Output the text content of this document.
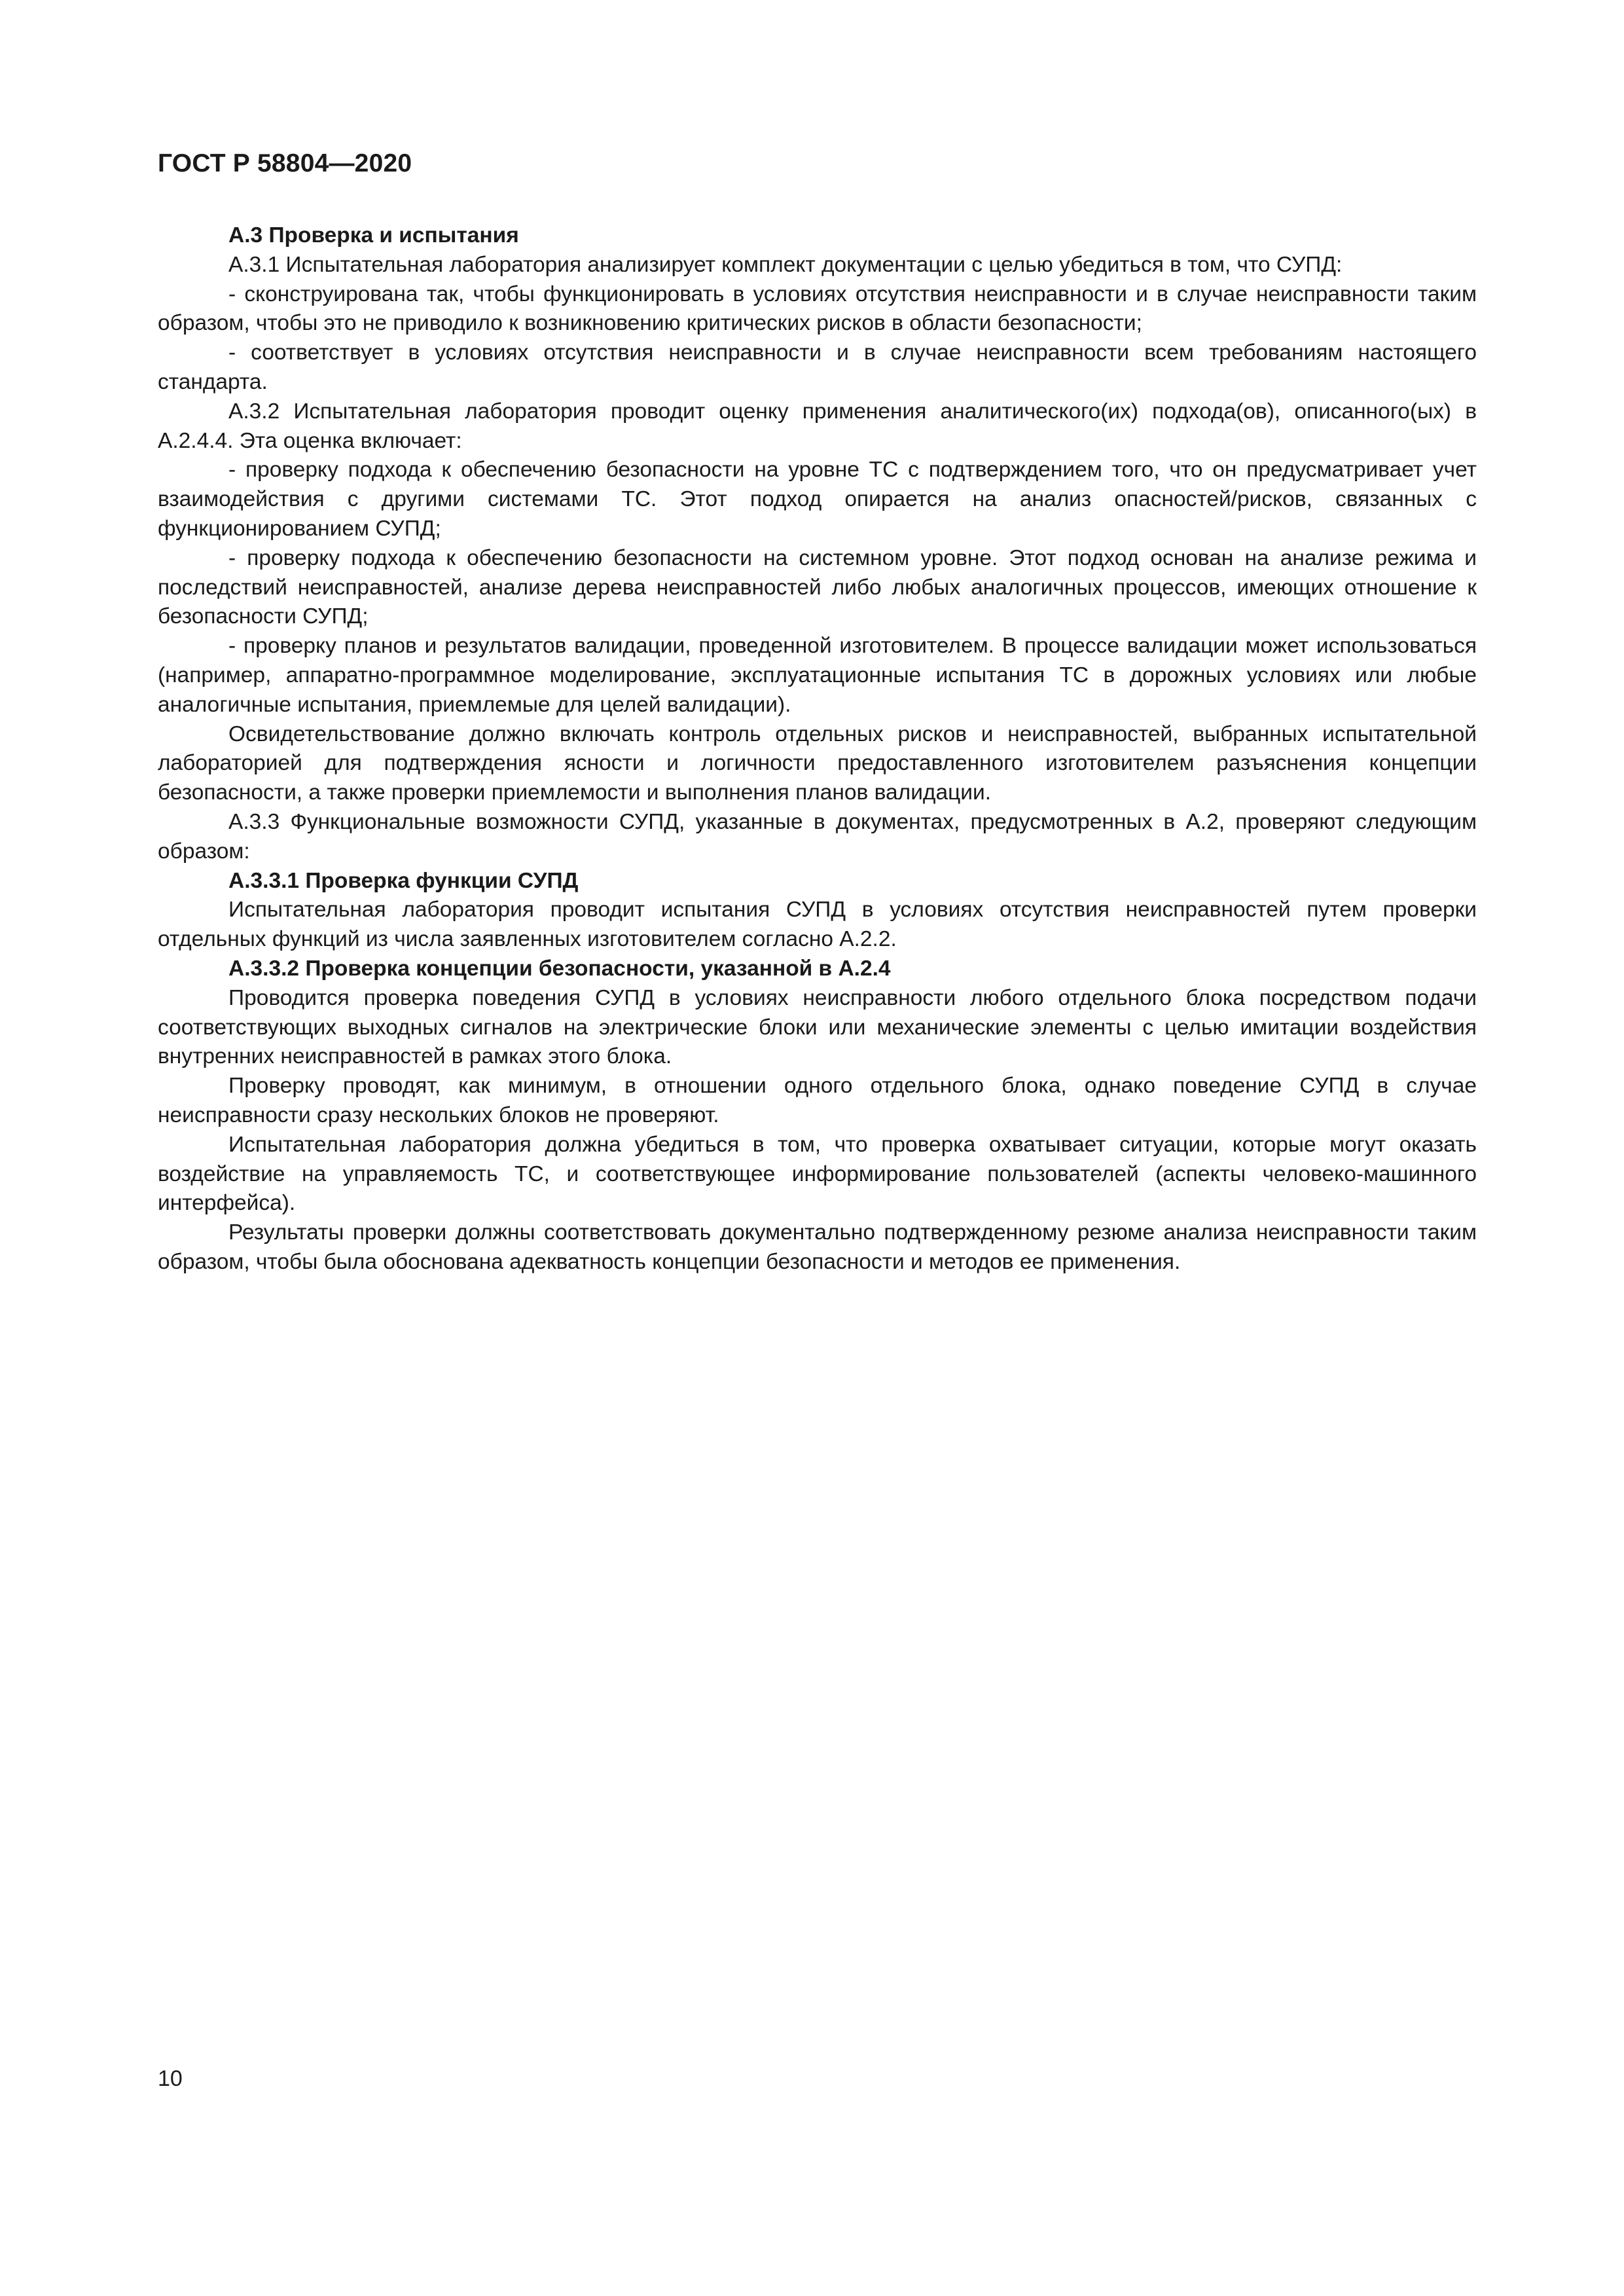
ГОСТ Р 58804—2020

А.3 Проверка и испытания

А.3.1 Испытательная лаборатория анализирует комплект документации с целью убедиться в том, что СУПД:

- сконструирована так, чтобы функционировать в условиях отсутствия неисправности и в случае неисправности таким образом, чтобы это не приводило к возникновению критических рисков в области безопасности;

- соответствует в условиях отсутствия неисправности и в случае неисправности всем требованиям настоящего стандарта.

А.3.2 Испытательная лаборатория проводит оценку применения аналитического(их) подхода(ов), описанного(ых) в А.2.4.4. Эта оценка включает:

- проверку подхода к обеспечению безопасности на уровне ТС с подтверждением того, что он предусматривает учет взаимодействия с другими системами ТС. Этот подход опирается на анализ опасностей/рисков, связанных с функционированием СУПД;

- проверку подхода к обеспечению безопасности на системном уровне. Этот подход основан на анализе режима и последствий неисправностей, анализе дерева неисправностей либо любых аналогичных процессов, имеющих отношение к безопасности СУПД;

- проверку планов и результатов валидации, проведенной изготовителем. В процессе валидации может использоваться (например, аппаратно-программное моделирование, эксплуатационные испытания ТС в дорожных условиях или любые аналогичные испытания, приемлемые для целей валидации).

Освидетельствование должно включать контроль отдельных рисков и неисправностей, выбранных испытательной лабораторией для подтверждения ясности и логичности предоставленного изготовителем разъяснения концепции безопасности, а также проверки приемлемости и выполнения планов валидации.

А.3.3 Функциональные возможности СУПД, указанные в документах, предусмотренных в А.2, проверяют следующим образом:

А.3.3.1 Проверка функции СУПД

Испытательная лаборатория проводит испытания СУПД в условиях отсутствия неисправностей путем проверки отдельных функций из числа заявленных изготовителем согласно А.2.2.

А.3.3.2 Проверка концепции безопасности, указанной в А.2.4

Проводится проверка поведения СУПД в условиях неисправности любого отдельного блока посредством подачи соответствующих выходных сигналов на электрические блоки или механические элементы с целью имитации воздействия внутренних неисправностей в рамках этого блока.

Проверку проводят, как минимум, в отношении одного отдельного блока, однако поведение СУПД в случае неисправности сразу нескольких блоков не проверяют.

Испытательная лаборатория должна убедиться в том, что проверка охватывает ситуации, которые могут оказать воздействие на управляемость ТС, и соответствующее информирование пользователей (аспекты человеко-машинного интерфейса).

Результаты проверки должны соответствовать документально подтвержденному резюме анализа неисправности таким образом, чтобы была обоснована адекватность концепции безопасности и методов ее применения.

10
